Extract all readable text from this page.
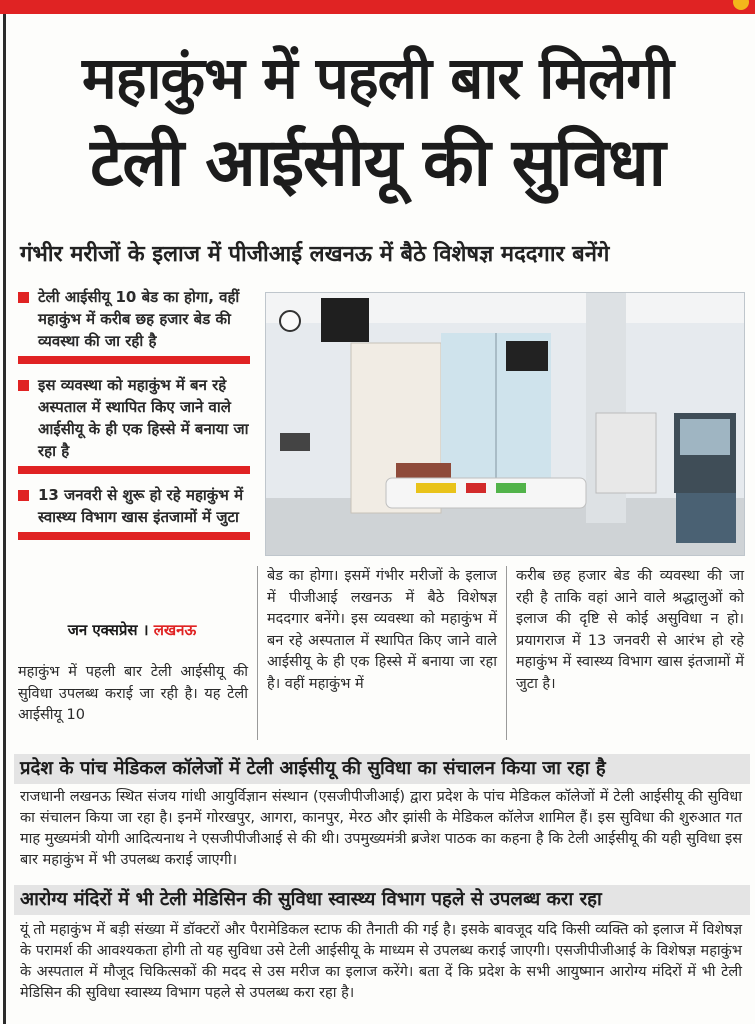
महाकुंभ में पहली बार मिलेगी
टेली आईसीयू की सुविधा
गंभीर मरीजों के इलाज में पीजीआई लखनऊ में बैठे विशेषज्ञ मददगार बनेंगे

टेली आईसीयू 10 बेड का होगा, वहीं महाकुंभ में करीब छह हजार बेड की व्यवस्था की जा रही है

इस व्यवस्था को महाकुंभ में बन रहे अस्पताल में स्थापित किए जाने वाले आईसीयू के ही एक हिस्से में बनाया जा रहा है

13 जनवरी से शुरू हो रहे महाकुंभ में स्वास्थ्य विभाग खास इंतजामों में जुटा

जन एक्सप्रेस । लखनऊ
महाकुंभ में पहली बार टेली आईसीयू की सुविधा उपलब्ध कराई जा रही है। यह टेली आईसीयू 10
बेड का होगा। इसमें गंभीर मरीजों के इलाज में पीजीआई लखनऊ में बैठे विशेषज्ञ मददगार बनेंगे। इस व्यवस्था को महाकुंभ में बन रहे अस्पताल में स्थापित किए जाने वाले आईसीयू के ही एक हिस्से में बनाया जा रहा है। वहीं महाकुंभ में
करीब छह हजार बेड की व्यवस्था की जा रही है ताकि वहां आने वाले श्रद्धालुओं को इलाज की दृष्टि से कोई असुविधा न हो। प्रयागराज में 13 जनवरी से आरंभ हो रहे महाकुंभ में स्वास्थ्य विभाग खास इंतजामों में जुटा है।
प्रदेश के पांच मेडिकल कॉलेजों में टेली आईसीयू की सुविधा का संचालन किया जा रहा है
राजधानी लखनऊ स्थित संजय गांधी आयुर्विज्ञान संस्थान (एसजीपीजीआई) द्वारा प्रदेश के पांच मेडिकल कॉलेजों में टेली आईसीयू की सुविधा का संचालन किया जा रहा है। इनमें गोरखपुर, आगरा, कानपुर, मेरठ और झांसी के मेडिकल कॉलेज शामिल हैं। इस सुविधा की शुरुआत गत माह मुख्यमंत्री योगी आदित्यनाथ ने एसजीपीजीआई से की थी। उपमुख्यमंत्री ब्रजेश पाठक का कहना है कि टेली आईसीयू की यही सुविधा इस बार महाकुंभ में भी उपलब्ध कराई जाएगी।
आरोग्य मंदिरों में भी टेली मेडिसिन की सुविधा स्वास्थ्य विभाग पहले से उपलब्ध करा रहा
यूं तो महाकुंभ में बड़ी संख्या में डॉक्टरों और पैरामेडिकल स्टाफ की तैनाती की गई है। इसके बावजूद यदि किसी व्यक्ति को इलाज में विशेषज्ञ के परामर्श की आवश्यकता होगी तो यह सुविधा उसे टेली आईसीयू के माध्यम से उपलब्ध कराई जाएगी। एसजीपीजीआई के विशेषज्ञ महाकुंभ के अस्पताल में मौजूद चिकित्सकों की मदद से उस मरीज का इलाज करेंगे। बता दें कि प्रदेश के सभी आयुष्मान आरोग्य मंदिरों में भी टेली मेडिसिन की सुविधा स्वास्थ्य विभाग पहले से उपलब्ध करा रहा है।
